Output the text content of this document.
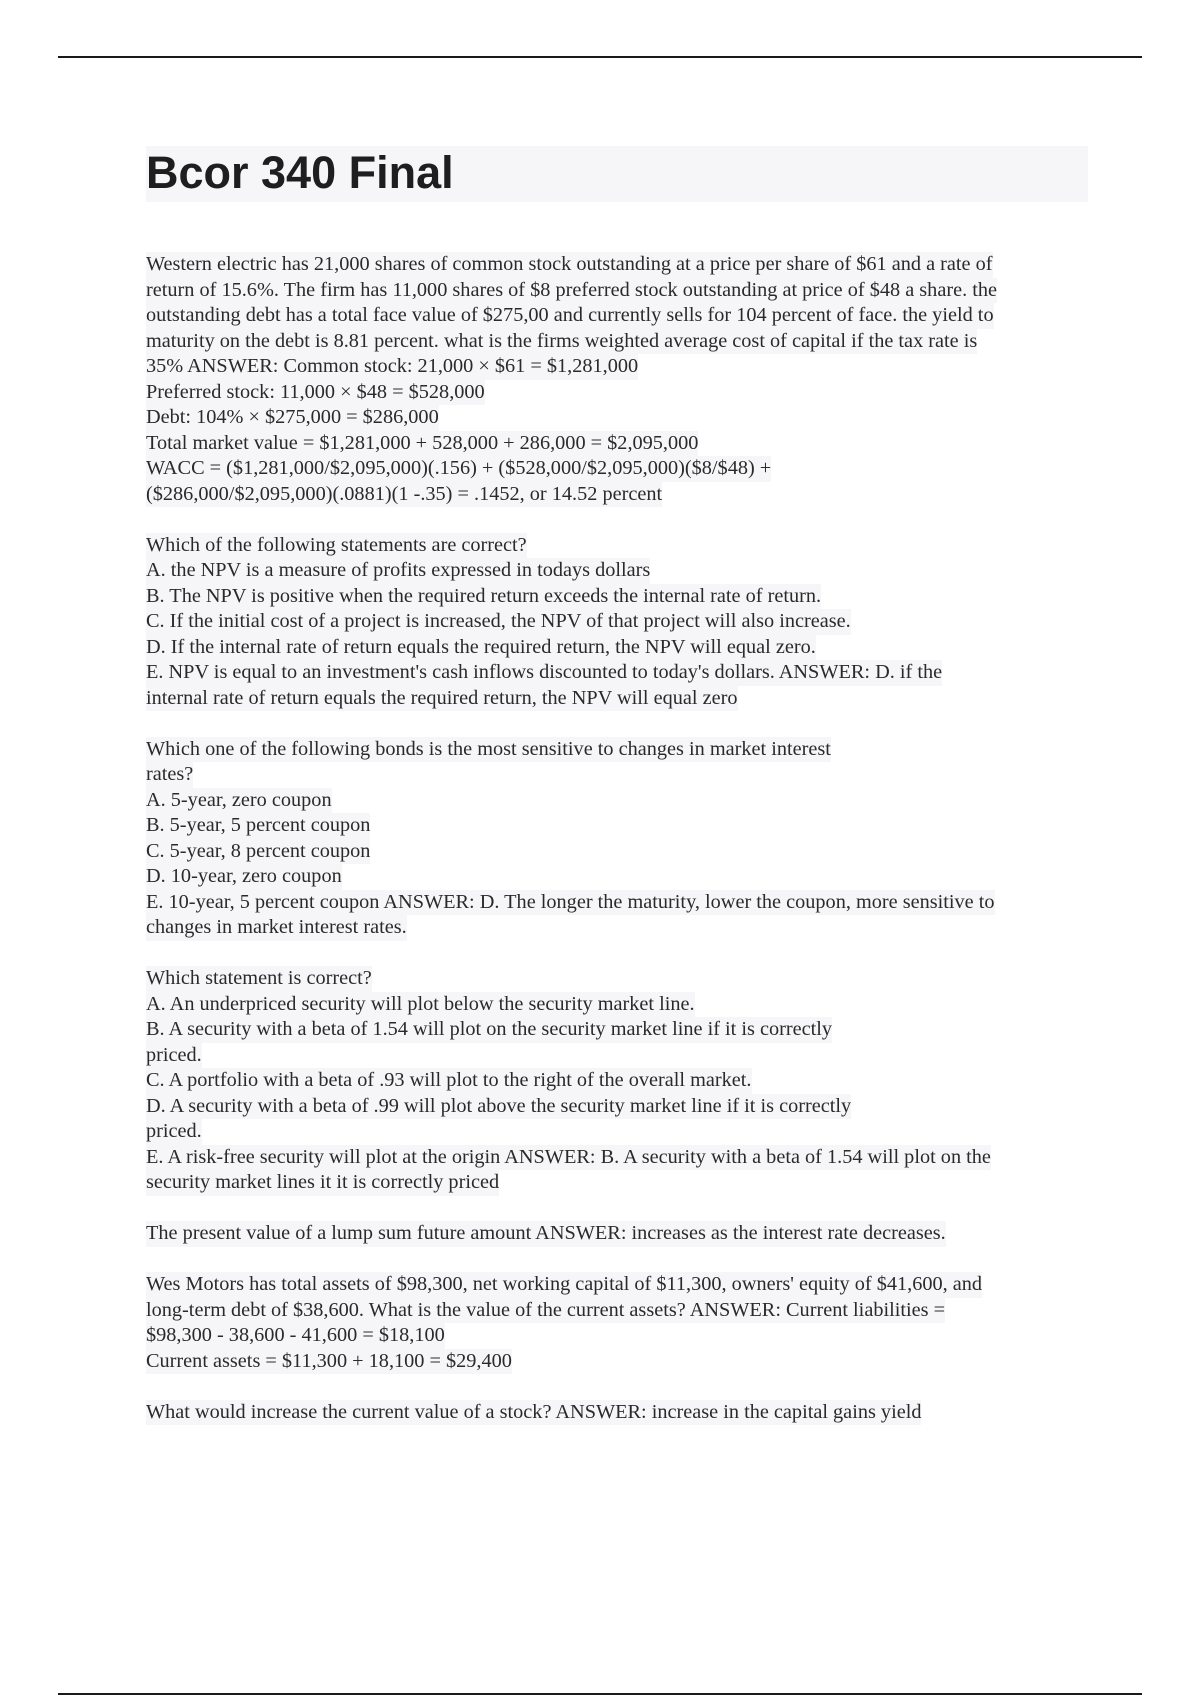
Bcor 340 Final
Western electric has 21,000 shares of common stock outstanding at a price per share of $61 and a rate of
return of 15.6%. The firm has 11,000 shares of $8 preferred stock outstanding at price of $48 a share. the
outstanding debt has a total face value of $275,00 and currently sells for 104 percent of face. the yield to
maturity on the debt is 8.81 percent. what is the firms weighted average cost of capital if the tax rate is
35% ANSWER: Common stock: 21,000 × $61 = $1,281,000
Preferred stock: 11,000 × $48 = $528,000
Debt: 104% × $275,000 = $286,000
Total market value = $1,281,000 + 528,000 + 286,000 = $2,095,000
WACC = ($1,281,000/$2,095,000)(.156) + ($528,000/$2,095,000)($8/$48) +
($286,000/$2,095,000)(.0881)(1 -.35) = .1452, or 14.52 percent
Which of the following statements are correct?
A. the NPV is a measure of profits expressed in todays dollars
B. The NPV is positive when the required return exceeds the internal rate of return.
C. If the initial cost of a project is increased, the NPV of that project will also increase.
D. If the internal rate of return equals the required return, the NPV will equal zero.
E. NPV is equal to an investment's cash inflows discounted to today's dollars. ANSWER: D. if the
internal rate of return equals the required return, the NPV will equal zero
Which one of the following bonds is the most sensitive to changes in market interest
rates?
A. 5-year, zero coupon
B. 5-year, 5 percent coupon
C. 5-year, 8 percent coupon
D. 10-year, zero coupon
E. 10-year, 5 percent coupon ANSWER: D. The longer the maturity, lower the coupon, more sensitive to
changes in market interest rates.
Which statement is correct?
A. An underpriced security will plot below the security market line.
B. A security with a beta of 1.54 will plot on the security market line if it is correctly
priced.
C. A portfolio with a beta of .93 will plot to the right of the overall market.
D. A security with a beta of .99 will plot above the security market line if it is correctly
priced.
E. A risk-free security will plot at the origin ANSWER: B. A security with a beta of 1.54 will plot on the
security market lines it it is correctly priced
The present value of a lump sum future amount ANSWER: increases as the interest rate decreases.
Wes Motors has total assets of $98,300, net working capital of $11,300, owners' equity of $41,600, and
long-term debt of $38,600. What is the value of the current assets? ANSWER: Current liabilities =
$98,300 - 38,600 - 41,600 = $18,100
Current assets = $11,300 + 18,100 = $29,400
What would increase the current value of a stock? ANSWER: increase in the capital gains yield
